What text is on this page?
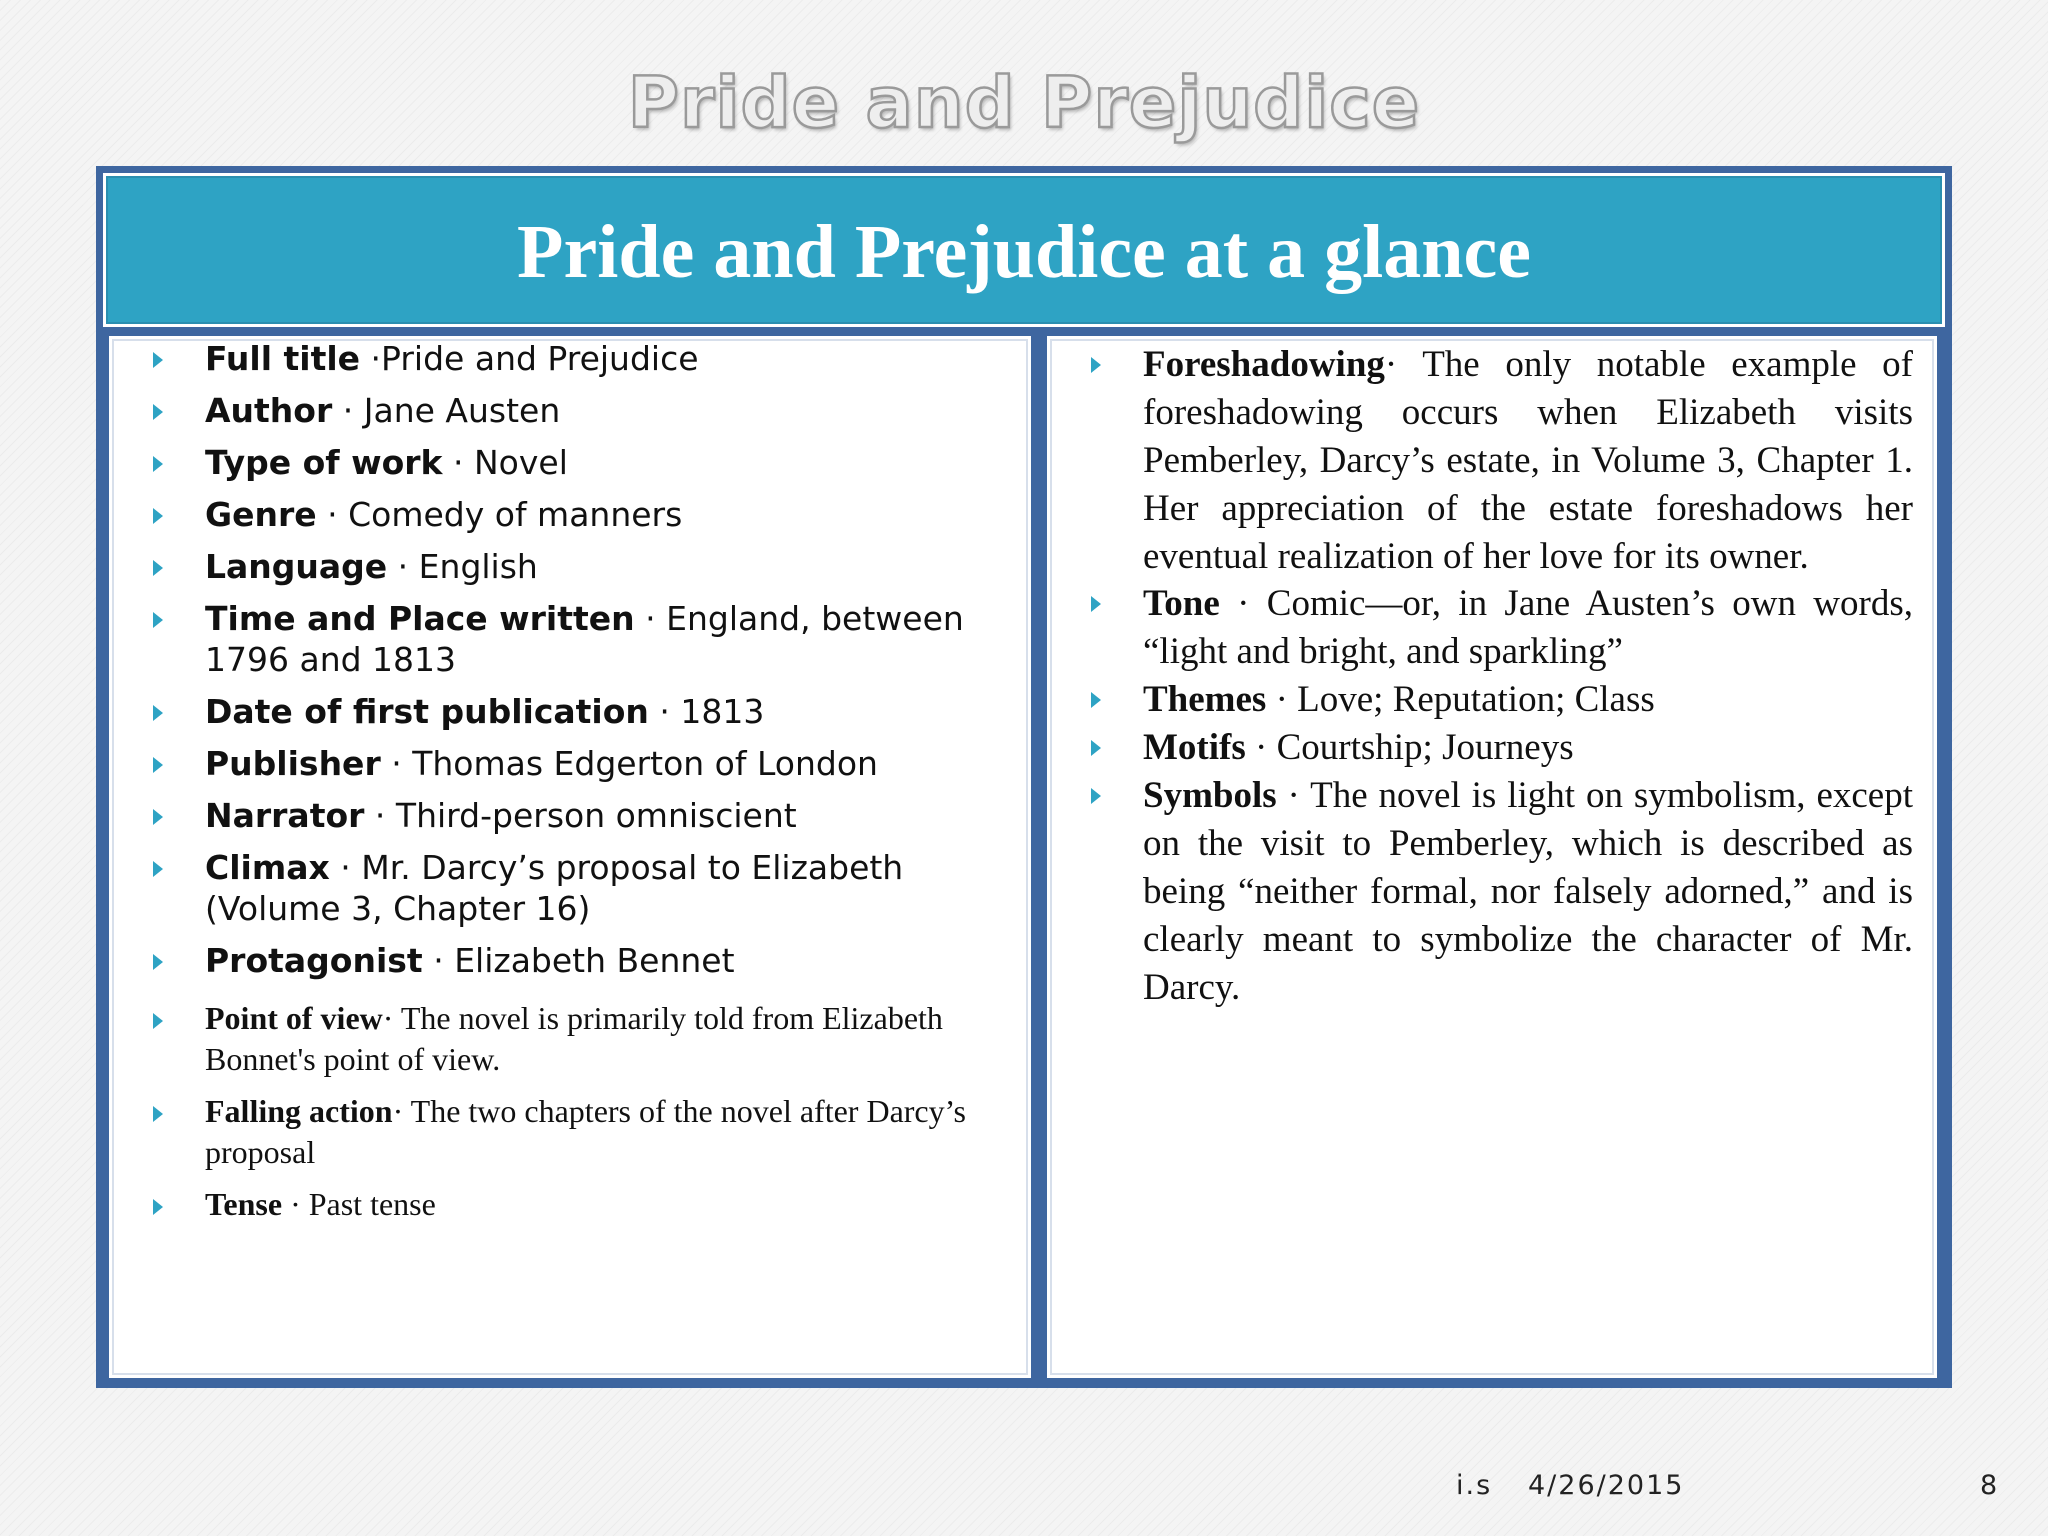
Pride and Prejudice
Pride and Prejudice at a glance
Full title ·Pride and Prejudice
Author · Jane Austen
Type of work · Novel
Genre · Comedy of manners
Language · English
Time and Place written · England, between 1796 and 1813
Date of first publication · 1813
Publisher · Thomas Edgerton of London
Narrator · Third-person omniscient
Climax · Mr. Darcy’s proposal to Elizabeth (Volume 3, Chapter 16)
Protagonist · Elizabeth Bennet
Point of view· The novel is primarily told from Elizabeth Bonnet's point of view.
Falling action· The two chapters of the novel after Darcy’s proposal
Tense · Past tense
Foreshadowing· The only notable example of foreshadowing occurs when Elizabeth visits Pemberley, Darcy’s estate, in Volume 3, Chapter 1. Her appreciation of the estate foreshadows her eventual realization of her love for its owner.
Tone · Comic—or, in Jane Austen’s own words, “light and bright, and sparkling”
Themes · Love; Reputation; Class
Motifs · Courtship; Journeys
Symbols · The novel is light on symbolism, except on the visit to Pemberley, which is described as being “neither formal, nor falsely adorned,” and is clearly meant to symbolize the character of Mr. Darcy.
i.s 4/26/2015	8
